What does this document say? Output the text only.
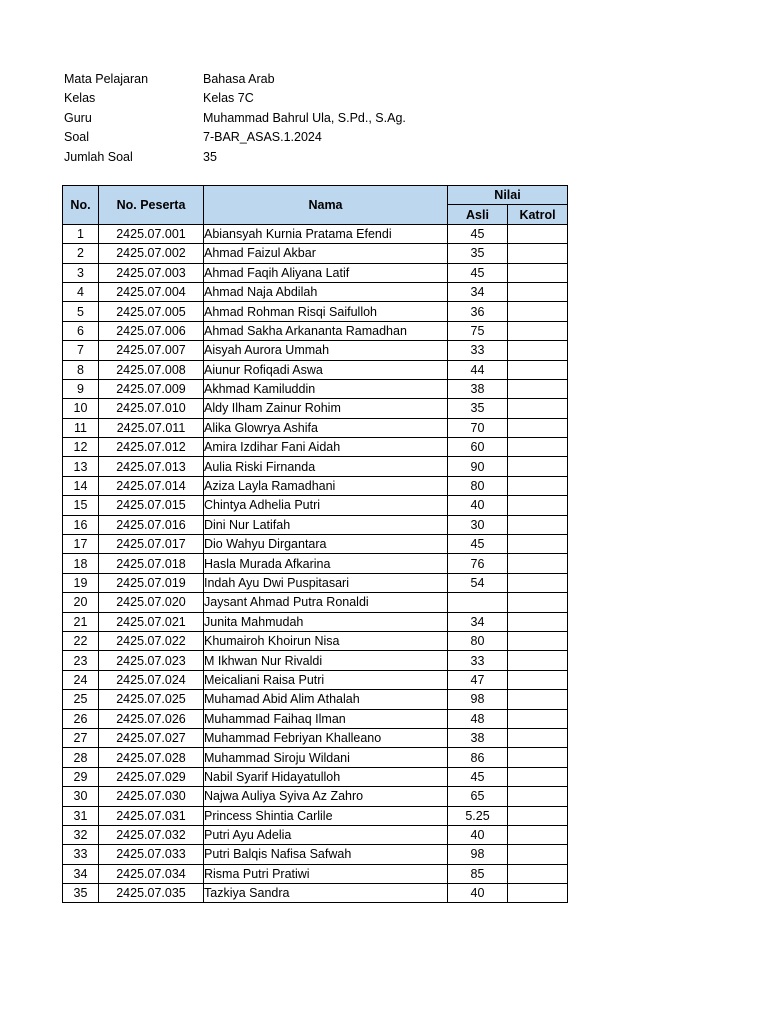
Mata Pelajaran	Bahasa Arab
Kelas	Kelas 7C
Guru	Muhammad Bahrul Ula, S.Pd., S.Ag.
Soal	7-BAR_ASAS.1.2024
Jumlah Soal	35
No.	No. Peserta	Nama	Nilai	
			Asli	Katrol
1	2425.07.001	Abiansyah Kurnia Pratama Efendi	45	
2	2425.07.002	Ahmad Faizul Akbar	35	
3	2425.07.003	Ahmad Faqih Aliyana Latif	45	
4	2425.07.004	Ahmad Naja Abdilah	34	
5	2425.07.005	Ahmad Rohman Risqi Saifulloh	36	
6	2425.07.006	Ahmad Sakha Arkananta Ramadhan	75	
7	2425.07.007	Aisyah Aurora Ummah	33	
8	2425.07.008	Aiunur Rofiqadi Aswa	44	
9	2425.07.009	Akhmad Kamiluddin	38	
10	2425.07.010	Aldy Ilham Zainur Rohim	35	
11	2425.07.011	Alika Glowrya Ashifa	70	
12	2425.07.012	Amira Izdihar Fani Aidah	60	
13	2425.07.013	Aulia Riski Firnanda	90	
14	2425.07.014	Aziza Layla Ramadhani	80	
15	2425.07.015	Chintya Adhelia Putri	40	
16	2425.07.016	Dini Nur Latifah	30	
17	2425.07.017	Dio Wahyu Dirgantara	45	
18	2425.07.018	Hasla Murada Afkarina	76	
19	2425.07.019	Indah Ayu Dwi Puspitasari	54	
20	2425.07.020	Jaysant Ahmad Putra Ronaldi		
21	2425.07.021	Junita Mahmudah	34	
22	2425.07.022	Khumairoh Khoirun Nisa	80	
23	2425.07.023	M Ikhwan Nur Rivaldi	33	
24	2425.07.024	Meicaliani Raisa Putri	47	
25	2425.07.025	Muhamad Abid Alim Athalah	98	
26	2425.07.026	Muhammad Faihaq Ilman	48	
27	2425.07.027	Muhammad Febriyan Khalleano	38	
28	2425.07.028	Muhammad Siroju Wildani	86	
29	2425.07.029	Nabil Syarif Hidayatulloh	45	
30	2425.07.030	Najwa Auliya Syiva Az Zahro	65	
31	2425.07.031	Princess Shintia Carlile	5.25	
32	2425.07.032	Putri Ayu Adelia	40	
33	2425.07.033	Putri Balqis Nafisa Safwah	98	
34	2425.07.034	Risma Putri Pratiwi	85	
35	2425.07.035	Tazkiya Sandra	40	
